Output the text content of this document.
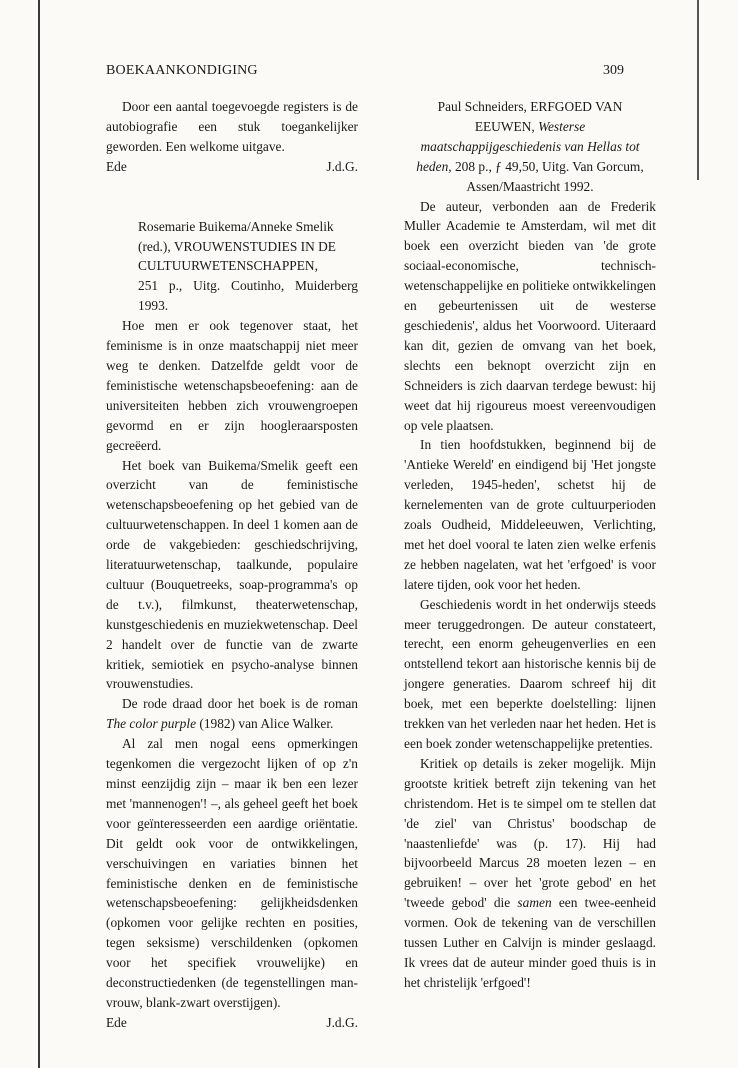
BOEKAANKONDIGING	309

Door een aantal toegevoegde registers is de autobiografie een stuk toegankelijker geworden. Een welkome uitgave.

Ede	J.d.G.
Rosemarie Buikema/Anneke Smelik (red.), VROUWENSTUDIES IN DE CULTUURWETENSCHAPPEN,
251 p., Uitg. Coutinho, Muiderberg 1993.

Hoe men er ook tegenover staat, het feminisme is in onze maatschappij niet meer weg te denken. Datzelfde geldt voor de feministische wetenschapsbeoefening: aan de universiteiten hebben zich vrouwengroepen gevormd en er zijn hoogleraarsposten gecreëerd.

Het boek van Buikema/Smelik geeft een overzicht van de feministische wetenschapsbeoefening op het gebied van de cultuurwetenschappen. In deel 1 komen aan de orde de vakgebieden: geschiedschrijving, literatuurwetenschap, taalkunde, populaire cultuur (Bouquetreeks, soap-programma's op de t.v.), filmkunst, theaterwetenschap, kunstgeschiedenis en muziekwetenschap. Deel 2 handelt over de functie van de zwarte kritiek, semiotiek en psycho-analyse binnen vrouwenstudies.

De rode draad door het boek is de roman The color purple (1982) van Alice Walker.

Al zal men nogal eens opmerkingen tegenkomen die vergezocht lijken of op z'n minst eenzijdig zijn – maar ik ben een lezer met 'mannenogen'! –, als geheel geeft het boek voor geïnteresseerden een aardige oriëntatie. Dit geldt ook voor de ontwikkelingen, verschuivingen en variaties binnen het feministische denken en de feministische wetenschapsbeoefening: gelijkheidsdenken (opkomen voor gelijke rechten en posities, tegen seksisme) verschildenken (opkomen voor het specifiek vrouwelijke) en deconstructiedenken (de tegenstellingen man-vrouw, blank-zwart overstijgen).

Ede	J.d.G.
Paul Schneiders, ERFGOED VAN EEUWEN, Westerse maatschappijgeschiedenis van Hellas tot heden, 208 p., ƒ 49,50, Uitg. Van Gorcum, Assen/Maastricht 1992.

De auteur, verbonden aan de Frederik Muller Academie te Amsterdam, wil met dit boek een overzicht bieden van 'de grote sociaal-economische, technisch-wetenschappelijke en politieke ontwikkelingen en gebeurtenissen uit de westerse geschiedenis', aldus het Voorwoord. Uiteraard kan dit, gezien de omvang van het boek, slechts een beknopt overzicht zijn en Schneiders is zich daarvan terdege bewust: hij weet dat hij rigoureus moest vereenvoudigen op vele plaatsen.

In tien hoofdstukken, beginnend bij de 'Antieke Wereld' en eindigend bij 'Het jongste verleden, 1945-heden', schetst hij de kernelementen van de grote cultuurperioden zoals Oudheid, Middeleeuwen, Verlichting, met het doel vooral te laten zien welke erfenis ze hebben nagelaten, wat het 'erfgoed' is voor latere tijden, ook voor het heden.

Geschiedenis wordt in het onderwijs steeds meer teruggedrongen. De auteur constateert, terecht, een enorm geheugenverlies en een ontstellend tekort aan historische kennis bij de jongere generaties. Daarom schreef hij dit boek, met een beperkte doelstelling: lijnen trekken van het verleden naar het heden. Het is een boek zonder wetenschappelijke pretenties.

Kritiek op details is zeker mogelijk. Mijn grootste kritiek betreft zijn tekening van het christendom. Het is te simpel om te stellen dat 'de ziel' van Christus' boodschap de 'naastenliefde' was (p. 17). Hij had bijvoorbeeld Marcus 28 moeten lezen – en gebruiken! – over het 'grote gebod' en het 'tweede gebod' die samen een twee-eenheid vormen. Ook de tekening van de verschillen tussen Luther en Calvijn is minder geslaagd. Ik vrees dat de auteur minder goed thuis is in het christelijk 'erfgoed'!
